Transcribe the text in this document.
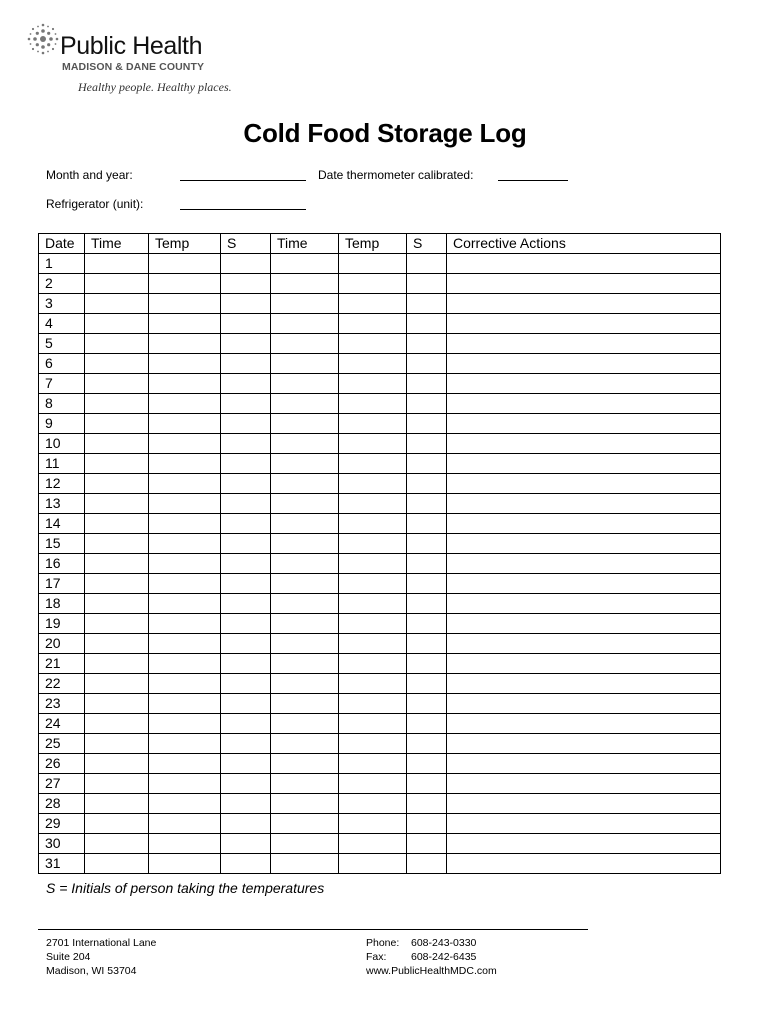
Public Health
MADISON & DANE COUNTY
Healthy people. Healthy places.
Cold Food Storage Log
Month and year:	Date thermometer calibrated:
Refrigerator (unit):
Date	Time	Temp	S	Time	Temp	S	Corrective Actions
1							
2							
3							
4							
5							
6							
7							
8							
9							
10							
11							
12							
13							
14							
15							
16							
17							
18							
19							
20							
21							
22							
23							
24							
25							
26							
27							
28							
29							
30							
31							
S = Initials of person taking the temperatures
2701 International Lane
Suite 204
Madison, WI 53704
Phone:	608-243-0330
Fax:	608-242-6435
www.PublicHealthMDC.com
